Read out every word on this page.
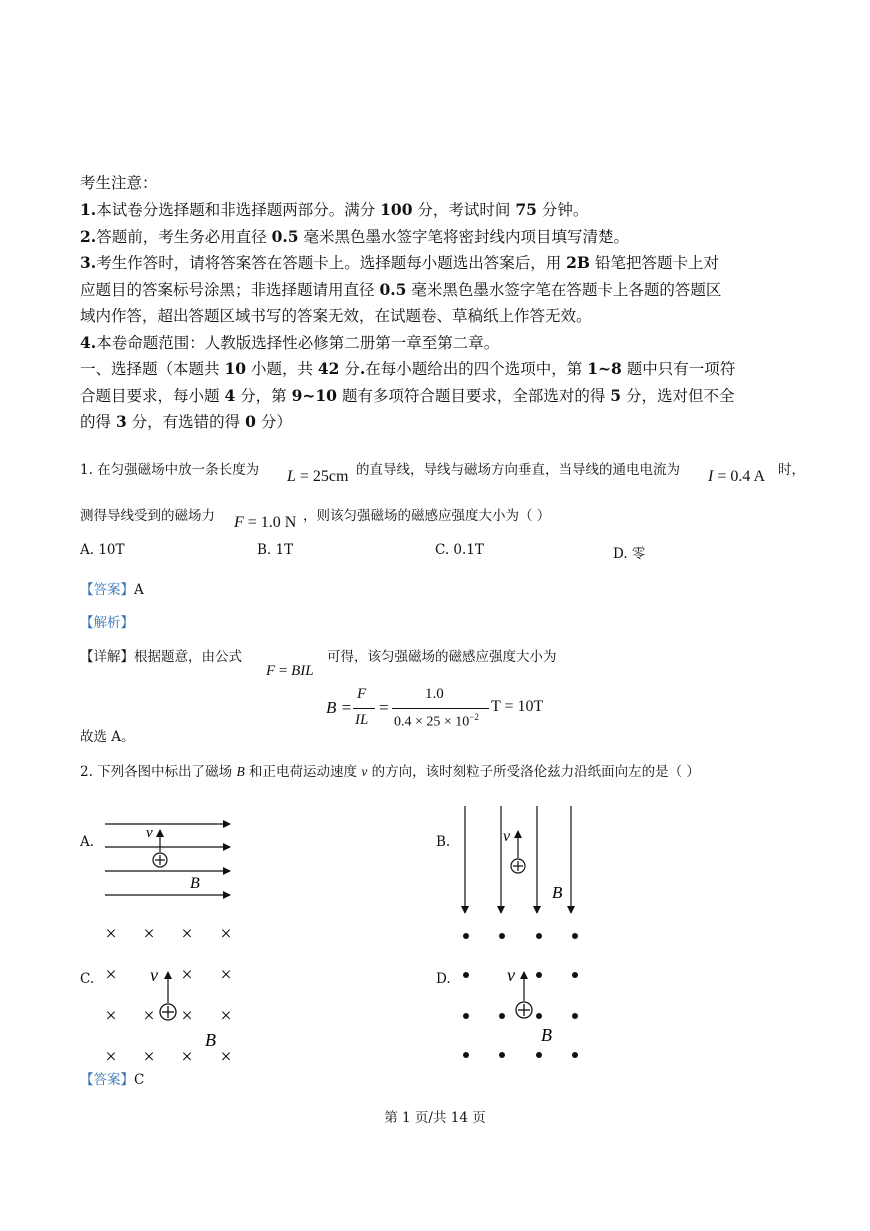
考生注意：
1.本试卷分选择题和非选择题两部分。满分 100 分，考试时间 75 分钟。
2.答题前，考生务必用直径 0.5 毫米黑色墨水签字笔将密封线内项目填写清楚。
3.考生作答时，请将答案答在答题卡上。选择题每小题选出答案后，用 2B 铅笔把答题卡上对
应题目的答案标号涂黑；非选择题请用直径 0.5 毫米黑色墨水签字笔在答题卡上各题的答题区
域内作答，超出答题区域书写的答案无效，在试题卷、草稿纸上作答无效。
4.本卷命题范围：人教版选择性必修第二册第一章至第二章。
一、选择题（本题共 10 小题，共 42 分.在每小题给出的四个选项中，第 1~8 题中只有一项符
合题目要求，每小题 4 分，第 9~10 题有多项符合题目要求，全部选对的得 5 分，选对但不全
的得 3 分，有选错的得 0 分）
1. 在匀强磁场中放一条长度为 L = 25cm 的直导线，导线与磁场方向垂直，当导线的通电电流为 I = 0.4 A 时，
测得导线受到的磁场力 F = 1.0 N ，则该匀强磁场的磁感应强度大小为（ ）
A. 10T	B. 1T	C. 0.1T	D. 零
【答案】A
【解析】
【详解】根据题意，由公式
F = BIL
可得，该匀强磁场的磁感应强度大小为
B =
F
IL
=
1.0
$0.4 \times 25 \times 10^{-2}$
T = 10T
故选 A。
2. 下列各图中标出了磁场 B 和正电荷运动速度 v 的方向，该时刻粒子所受洛伦兹力沿纸面向左的是（ ）
A.	B.
C.	D.
v
B
v
B
× × × ×
×	× ×
× × × ×
× × × ×
v
B
v
B
【答案】C
第 1 页/共 14 页
